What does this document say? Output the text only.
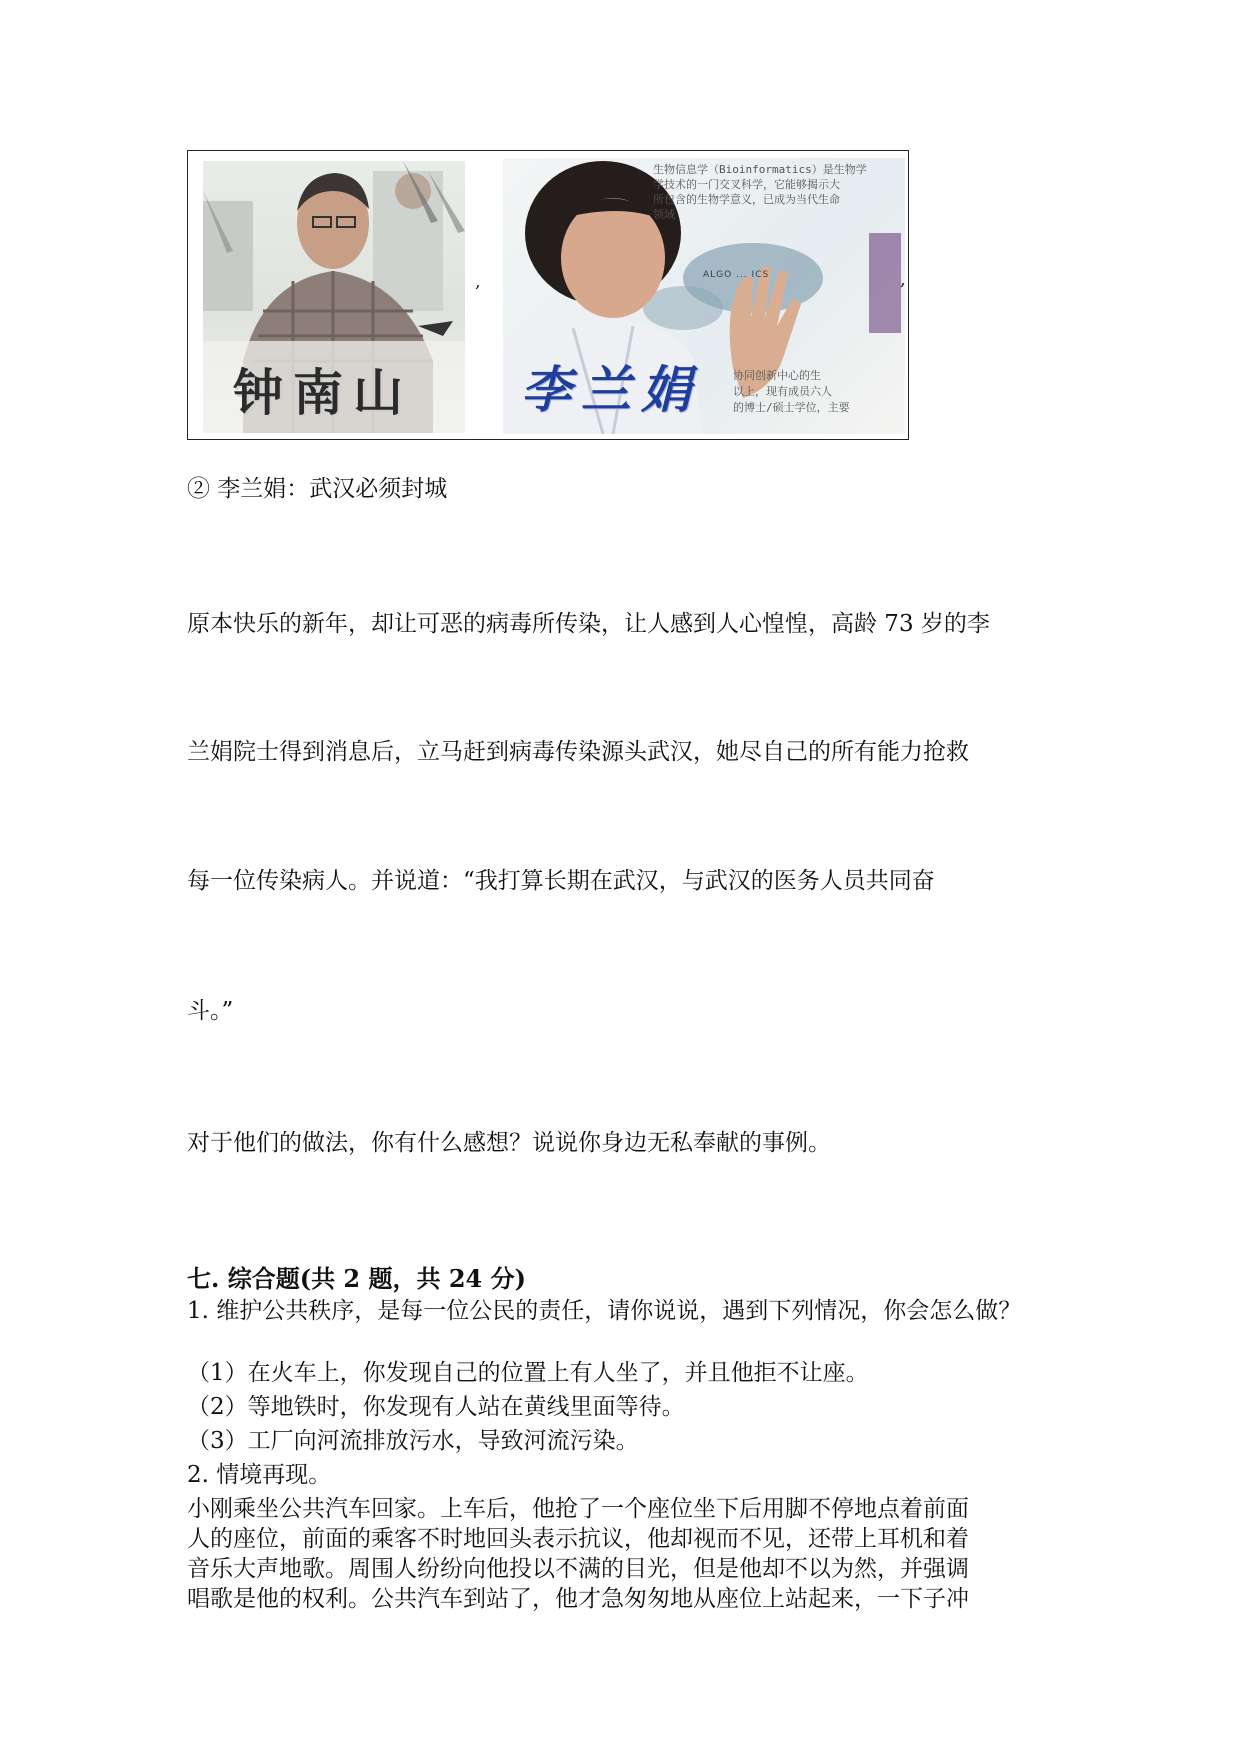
钟南山
,
生物信息学（Bioinformatics）是生物学
学技术的一门交叉科学，它能够揭示大
所包含的生物学意义，已成为当代生命
领域
ALGO ... ICS
协同创新中心的生
以上，现有成员六人
的博士/硕士学位，主要
李兰娟
,
② 李兰娟：武汉必须封城
原本快乐的新年，却让可恶的病毒所传染，让人感到人心惶惶，高龄 73 岁的李
兰娟院士得到消息后，立马赶到病毒传染源头武汉，她尽自己的所有能力抢救
每一位传染病人。并说道：“我打算长期在武汉，与武汉的医务人员共同奋
斗。”
对于他们的做法，你有什么感想？说说你身边无私奉献的事例。
七. 综合题(共 2 题，共 24 分)
1. 维护公共秩序，是每一位公民的责任，请你说说，遇到下列情况，你会怎么做？
（1）在火车上，你发现自己的位置上有人坐了，并且他拒不让座。
（2）等地铁时，你发现有人站在黄线里面等待。
（3）工厂向河流排放污水，导致河流污染。
2. 情境再现。
小刚乘坐公共汽车回家。上车后，他抢了一个座位坐下后用脚不停地点着前面
人的座位，前面的乘客不时地回头表示抗议，他却视而不见，还带上耳机和着
音乐大声地歌。周围人纷纷向他投以不满的目光，但是他却不以为然，并强调
唱歌是他的权利。公共汽车到站了，他才急匆匆地从座位上站起来，一下子冲
